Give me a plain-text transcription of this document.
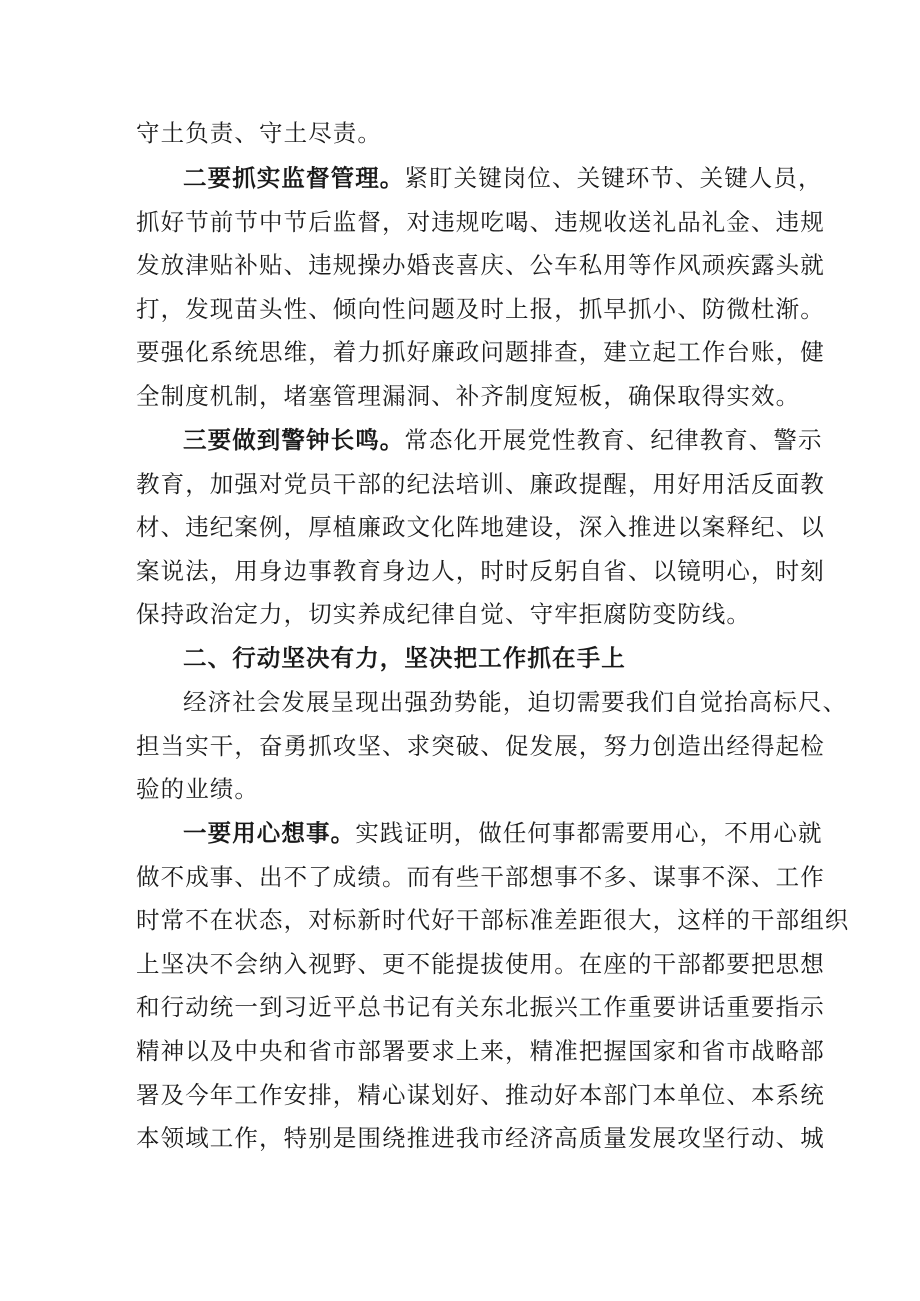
守土负责、守土尽责。
二要抓实监督管理。紧盯关键岗位、关键环节、关键人员，
抓好节前节中节后监督，对违规吃喝、违规收送礼品礼金、违规
发放津贴补贴、违规操办婚丧喜庆、公车私用等作风顽疾露头就
打，发现苗头性、倾向性问题及时上报，抓早抓小、防微杜渐。
要强化系统思维，着力抓好廉政问题排查，建立起工作台账，健
全制度机制，堵塞管理漏洞、补齐制度短板，确保取得实效。
三要做到警钟长鸣。常态化开展党性教育、纪律教育、警示
教育，加强对党员干部的纪法培训、廉政提醒，用好用活反面教
材、违纪案例，厚植廉政文化阵地建设，深入推进以案释纪、以
案说法，用身边事教育身边人，时时反躬自省、以镜明心，时刻
保持政治定力，切实养成纪律自觉、守牢拒腐防变防线。
二、行动坚决有力，坚决把工作抓在手上
经济社会发展呈现出强劲势能，迫切需要我们自觉抬高标尺、
担当实干，奋勇抓攻坚、求突破、促发展，努力创造出经得起检
验的业绩。
一要用心想事。实践证明，做任何事都需要用心，不用心就
做不成事、出不了成绩。而有些干部想事不多、谋事不深、工作
时常不在状态，对标新时代好干部标准差距很大，这样的干部组织
上坚决不会纳入视野、更不能提拔使用。在座的干部都要把思想
和行动统一到习近平总书记有关东北振兴工作重要讲话重要指示
精神以及中央和省市部署要求上来，精准把握国家和省市战略部
署及今年工作安排，精心谋划好、推动好本部门本单位、本系统
本领域工作，特别是围绕推进我市经济高质量发展攻坚行动、城
